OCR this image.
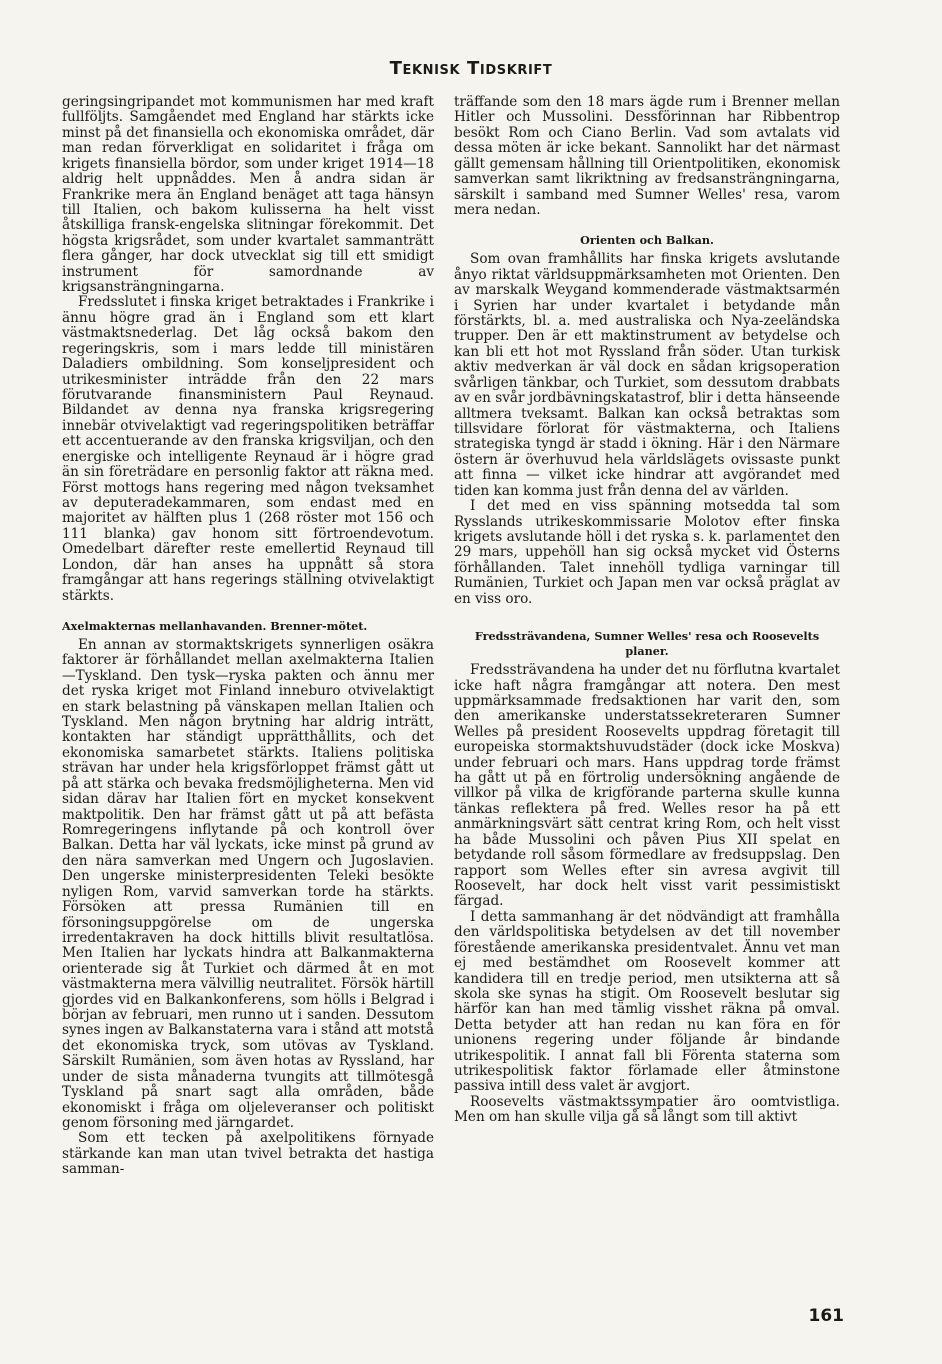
Teknisk Tidskrift

geringsingripandet mot kommunismen har med kraft fullföljts. Samgåendet med England har stärkts icke minst på det finansiella och ekonomiska området, där man redan förverkligat en solidaritet i fråga om krigets finansiella bördor, som under kriget 1914—18 aldrig helt uppnåddes. Men å andra sidan är Frankrike mera än England benäget att taga hänsyn till Italien, och bakom kulisserna ha helt visst åtskilliga fransk-engelska slitningar förekommit. Det högsta krigsrådet, som under kvartalet sammanträtt flera gånger, har dock utvecklat sig till ett smidigt instrument för samordnande av krigsansträngningarna.

Fredsslutet i finska kriget betraktades i Frankrike i ännu högre grad än i England som ett klart västmaktsnederlag. Det låg också bakom den regeringskris, som i mars ledde till ministären Daladiers ombildning. Som konseljpresident och utrikesminister inträdde från den 22 mars förutvarande finansministern Paul Reynaud. Bildandet av denna nya franska krigsregering innebär otvivelaktigt vad regeringspolitiken beträffar ett accentuerande av den franska krigsviljan, och den energiske och intelligente Reynaud är i högre grad än sin företrädare en personlig faktor att räkna med. Först mottogs hans regering med någon tveksamhet av deputeradekammaren, som endast med en majoritet av hälften plus 1 (268 röster mot 156 och 111 blanka) gav honom sitt förtroendevotum. Omedelbart därefter reste emellertid Reynaud till London, där han anses ha uppnått så stora framgångar att hans regerings ställning otvivelaktigt stärkts.

Axelmakternas mellanhavanden. Brenner-mötet.

En annan av stormaktskrigets synnerligen osäkra faktorer är förhållandet mellan axelmakterna Italien—Tyskland. Den tysk—ryska pakten och ännu mer det ryska kriget mot Finland inneburo otvivelaktigt en stark belastning på vänskapen mellan Italien och Tyskland. Men någon brytning har aldrig inträtt, kontakten har ständigt upprätthållits, och det ekonomiska samarbetet stärkts. Italiens politiska strävan har under hela krigsförloppet främst gått ut på att stärka och bevaka fredsmöjligheterna. Men vid sidan därav har Italien fört en mycket konsekvent maktpolitik. Den har främst gått ut på att befästa Romregeringens inflytande på och kontroll över Balkan. Detta har väl lyckats, icke minst på grund av den nära samverkan med Ungern och Jugoslavien. Den ungerske ministerpresidenten Teleki besökte nyligen Rom, varvid samverkan torde ha stärkts. Försöken att pressa Rumänien till en försoningsuppgörelse om de ungerska irredentakraven ha dock hittills blivit resultatlösa. Men Italien har lyckats hindra att Balkanmakterna orienterade sig åt Turkiet och därmed åt en mot västmakterna mera välvillig neutralitet. Försök härtill gjordes vid en Balkankonferens, som hölls i Belgrad i början av februari, men runno ut i sanden. Dessutom synes ingen av Balkanstaterna vara i stånd att motstå det ekonomiska tryck, som utövas av Tyskland. Särskilt Rumänien, som även hotas av Ryssland, har under de sista månaderna tvungits att tillmötesgå Tyskland på snart sagt alla områden, både ekonomiskt i fråga om oljeleveranser och politiskt genom försoning med järngardet.

Som ett tecken på axelpolitikens förnyade stärkande kan man utan tvivel betrakta det hastiga samman-

träffande som den 18 mars ägde rum i Brenner mellan Hitler och Mussolini. Dessförinnan har Ribbentrop besökt Rom och Ciano Berlin. Vad som avtalats vid dessa möten är icke bekant. Sannolikt har det närmast gällt gemensam hållning till Orientpolitiken, ekonomisk samverkan samt likriktning av fredsansträngningarna, särskilt i samband med Sumner Welles' resa, varom mera nedan.

Orienten och Balkan.

Som ovan framhållits har finska krigets avslutande ånyo riktat världsuppmärksamheten mot Orienten. Den av marskalk Weygand kommenderade västmaktsarmén i Syrien har under kvartalet i betydande mån förstärkts, bl. a. med australiska och Nya-zeeländska trupper. Den är ett maktinstrument av betydelse och kan bli ett hot mot Ryssland från söder. Utan turkisk aktiv medverkan är väl dock en sådan krigsoperation svårligen tänkbar, och Turkiet, som dessutom drabbats av en svår jordbävningskatastrof, blir i detta hänseende alltmera tveksamt. Balkan kan också betraktas som tillsvidare förlorat för västmakterna, och Italiens strategiska tyngd är stadd i ökning. Här i den Närmare östern är överhuvud hela världslägets ovissaste punkt att finna — vilket icke hindrar att avgörandet med tiden kan komma just från denna del av världen.

I det med en viss spänning motsedda tal som Rysslands utrikeskommissarie Molotov efter finska krigets avslutande höll i det ryska s. k. parlamentet den 29 mars, uppehöll han sig också mycket vid Österns förhållanden. Talet innehöll tydliga varningar till Rumänien, Turkiet och Japan men var också präglat av en viss oro.

Fredssträvandena, Sumner Welles' resa och Roosevelts planer.

Fredssträvandena ha under det nu förflutna kvartalet icke haft några framgångar att notera. Den mest uppmärksammade fredsaktionen har varit den, som den amerikanske understatssekreteraren Sumner Welles på president Roosevelts uppdrag företagit till europeiska stormaktshuvudstäder (dock icke Moskva) under februari och mars. Hans uppdrag torde främst ha gått ut på en förtrolig undersökning angående de villkor på vilka de krigförande parterna skulle kunna tänkas reflektera på fred. Welles resor ha på ett anmärkningsvärt sätt centrat kring Rom, och helt visst ha både Mussolini och påven Pius XII spelat en betydande roll såsom förmedlare av fredsuppslag. Den rapport som Welles efter sin avresa avgivit till Roosevelt, har dock helt visst varit pessimistiskt färgad.

I detta sammanhang är det nödvändigt att framhålla den världspolitiska betydelsen av det till november förestående amerikanska presidentvalet. Ännu vet man ej med bestämdhet om Roosevelt kommer att kandidera till en tredje period, men utsikterna att så skola ske synas ha stigit. Om Roosevelt beslutar sig härför kan han med tämlig visshet räkna på omval. Detta betyder att han redan nu kan föra en för unionens regering under följande år bindande utrikespolitik. I annat fall bli Förenta staterna som utrikespolitisk faktor förlamade eller åtminstone passiva intill dess valet är avgjort.

Roosevelts västmaktssympatier äro oomtvistliga. Men om han skulle vilja gå så långt som till aktivt

161
